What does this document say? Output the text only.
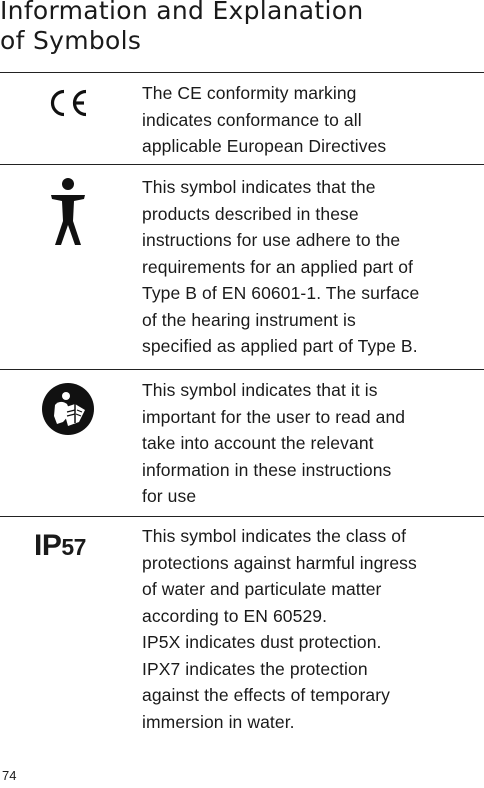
Information and Explanation
of Symbols
The CE conformity marking
indicates conformance to all
applicable European Directives
This symbol indicates that the
products described in these
instructions for use adhere to the
requirements for an applied part of
Type B of EN 60601-1. The surface
of the hearing instrument is
specified as applied part of Type B.
This symbol indicates that it is
important for the user to read and
take into account the relevant
information in these instructions
for use
IP57	This symbol indicates the class of
protections against harmful ingress
of water and particulate matter
according to EN 60529.
IP5X indicates dust protection.
IPX7 indicates the protection
against the effects of temporary
immersion in water.
74
